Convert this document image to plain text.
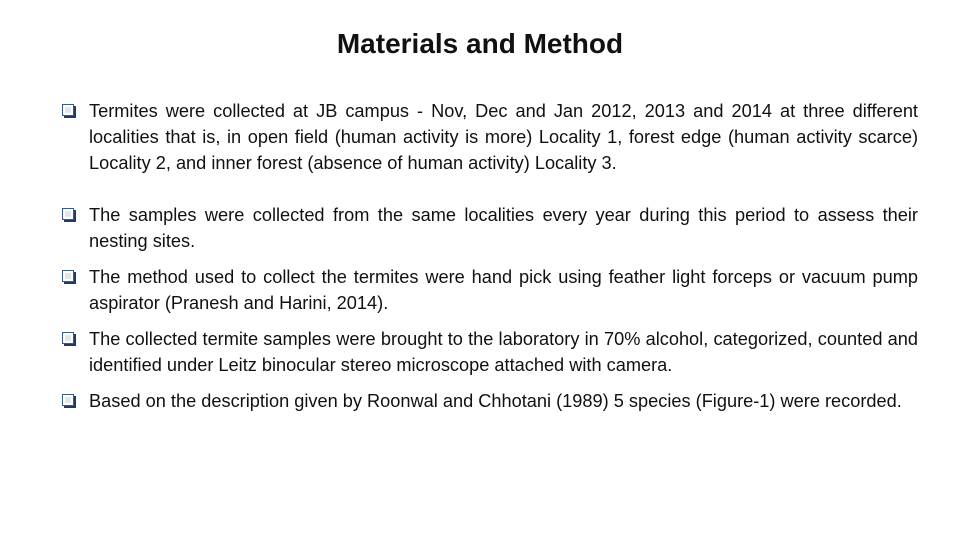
Materials and Method
Termites were collected at JB campus - Nov, Dec and Jan 2012, 2013 and 2014 at three different localities that is, in open field (human activity is more) Locality 1, forest edge (human activity scarce) Locality 2, and inner forest (absence of human activity) Locality 3.
The samples were collected from the same localities every year during this period to assess their nesting sites.
The method used to collect the termites were hand pick using feather light forceps or vacuum pump aspirator (Pranesh and Harini, 2014).
The collected termite samples were brought to the laboratory in 70% alcohol, categorized, counted and identified under Leitz binocular stereo microscope attached with camera.
Based on the description given by Roonwal and Chhotani (1989) 5 species (Figure-1) were recorded.
